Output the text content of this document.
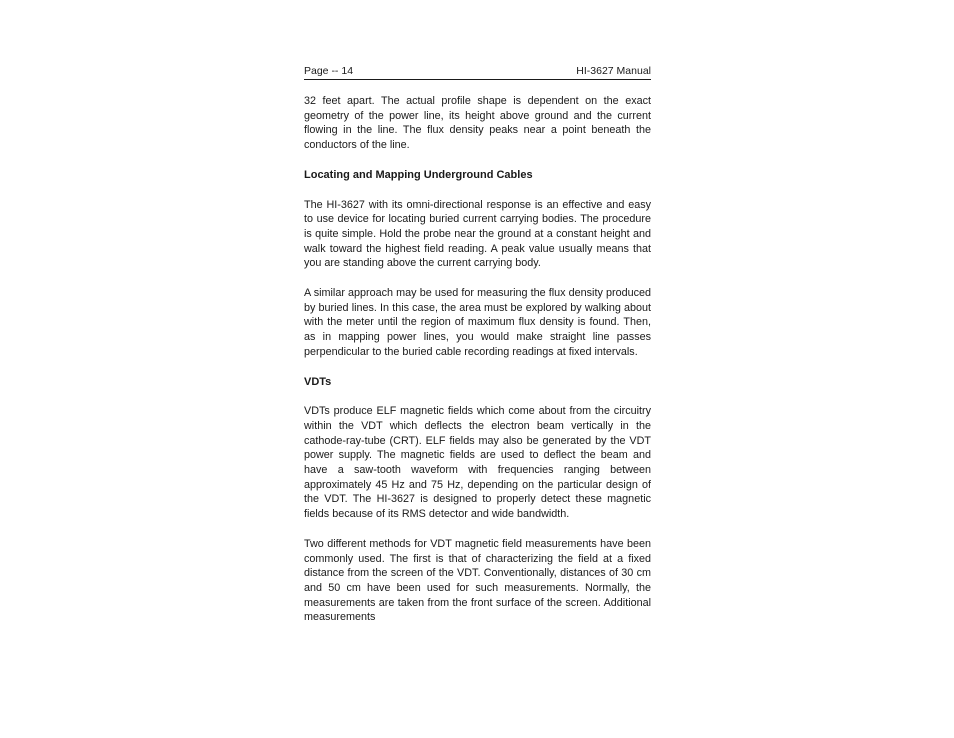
Page -- 14	HI-3627 Manual

32 feet apart. The actual profile shape is dependent on the exact geometry of the power line, its height above ground and the current flowing in the line. The flux density peaks near a point beneath the conductors of the line.

Locating and Mapping Underground Cables

The HI-3627 with its omni-directional response is an effective and easy to use device for locating buried current carrying bodies. The procedure is quite simple. Hold the probe near the ground at a constant height and walk toward the highest field reading. A peak value usually means that you are standing above the current carrying body.

A similar approach may be used for measuring the flux density produced by buried lines. In this case, the area must be explored by walking about with the meter until the region of maximum flux density is found. Then, as in mapping power lines, you would make straight line passes perpendicular to the buried cable recording readings at fixed intervals.

VDTs

VDTs produce ELF magnetic fields which come about from the circuitry within the VDT which deflects the electron beam vertically in the cathode-ray-tube (CRT). ELF fields may also be generated by the VDT power supply. The magnetic fields are used to deflect the beam and have a saw-tooth waveform with frequencies ranging between approximately 45 Hz and 75 Hz, depending on the particular design of the VDT. The HI-3627 is designed to properly detect these magnetic fields because of its RMS detector and wide bandwidth.

Two different methods for VDT magnetic field measurements have been commonly used. The first is that of characterizing the field at a fixed distance from the screen of the VDT. Conventionally, distances of 30 cm and 50 cm have been used for such measurements. Normally, the measurements are taken from the front surface of the screen. Additional measurements
